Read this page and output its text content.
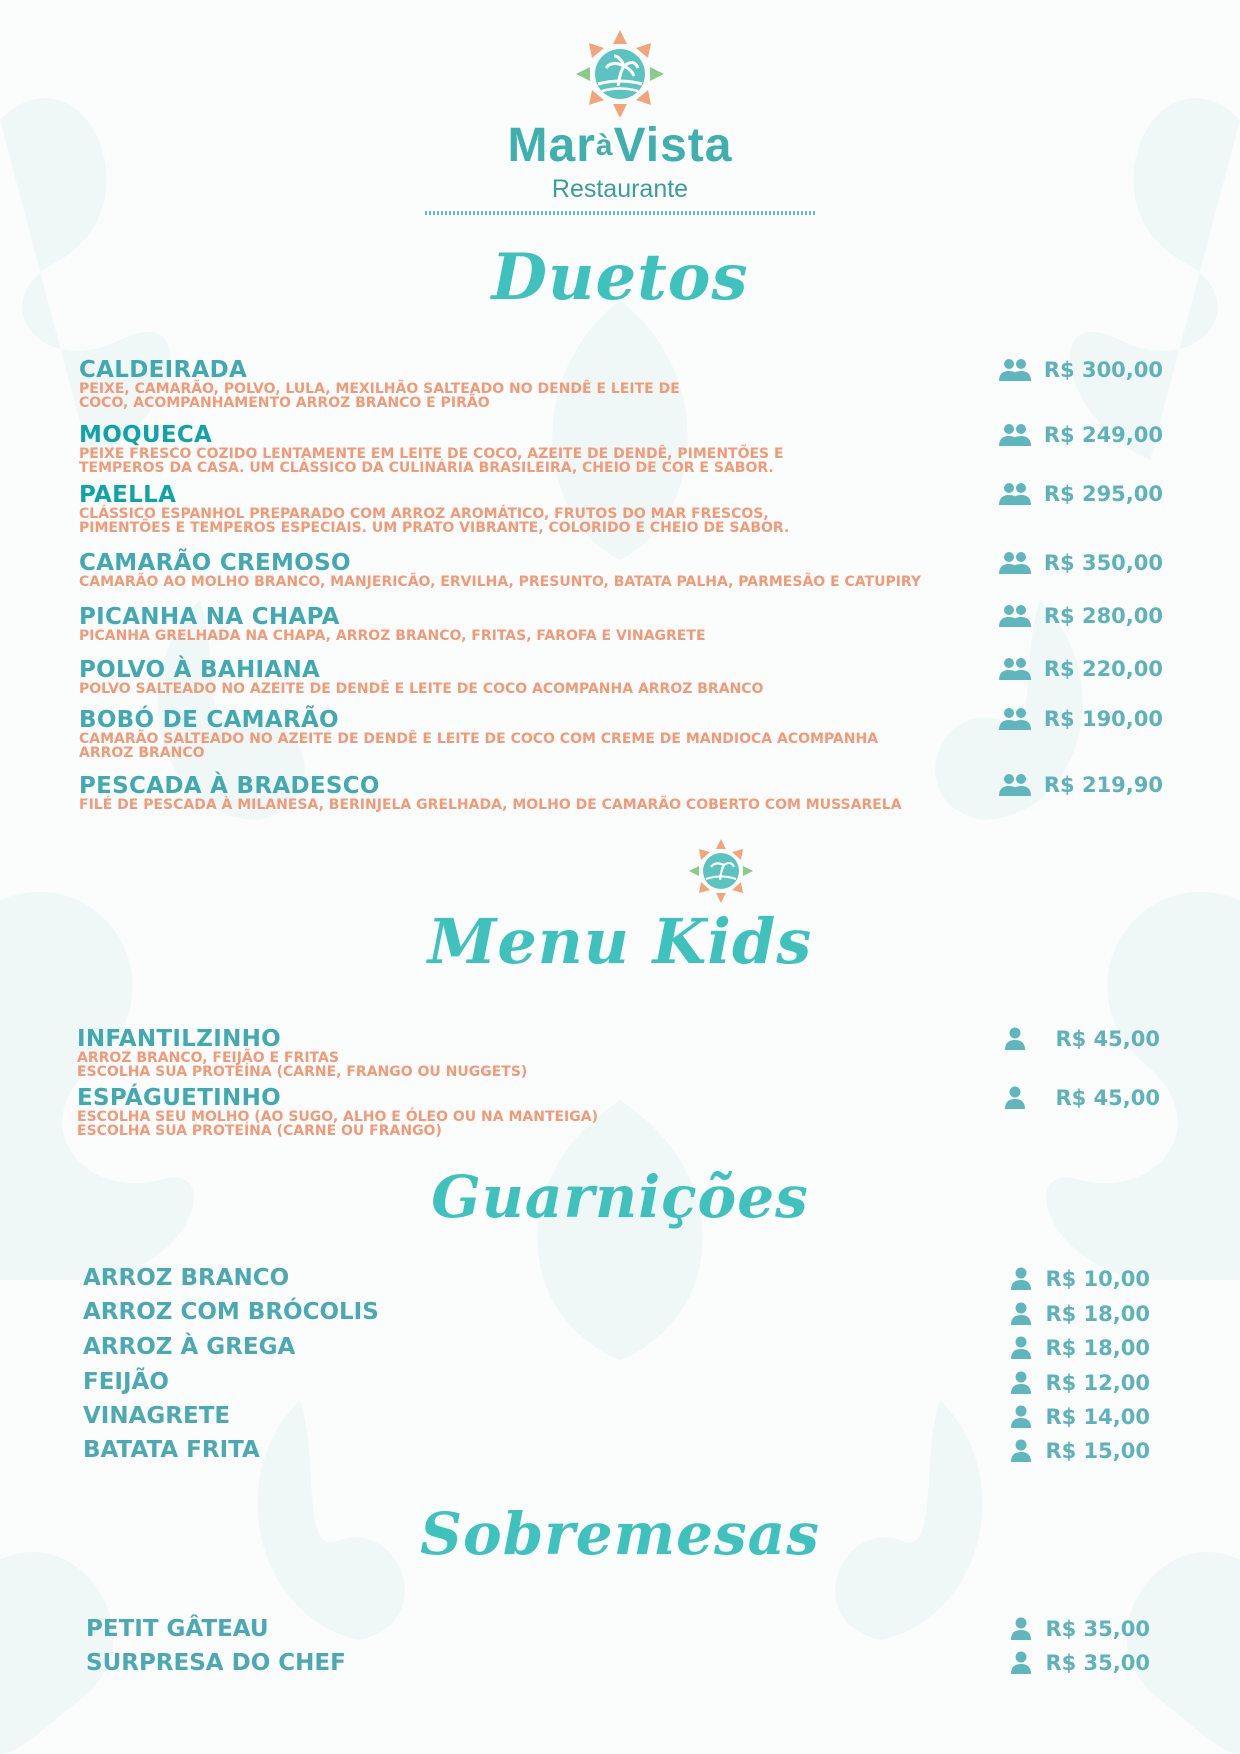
MaràVista
Restaurante
Duetos
Menu Kids
Guarnições
Sobremesas
CALDEIRADA
PEIXE, CAMARÃO, POLVO, LULA, MEXILHÃO SALTEADO NO DENDÊ E LEITE DE
COCO, ACOMPANHAMENTO ARROZ BRANCO E PIRÃO
MOQUECA
PEIXE FRESCO COZIDO LENTAMENTE EM LEITE DE COCO, AZEITE DE DENDÊ, PIMENTÕES E
TEMPEROS DA CASA. UM CLÁSSICO DA CULINÁRIA BRASILEIRA, CHEIO DE COR E SABOR.
PAELLA
CLÁSSICO ESPANHOL PREPARADO COM ARROZ AROMÁTICO, FRUTOS DO MAR FRESCOS,
PIMENTÕES E TEMPEROS ESPECIAIS. UM PRATO VIBRANTE, COLORIDO E CHEIO DE SABOR.
CAMARÃO CREMOSO
CAMARÃO AO MOLHO BRANCO, MANJERICÃO, ERVILHA, PRESUNTO, BATATA PALHA, PARMESÃO E CATUPIRY
PICANHA NA CHAPA
PICANHA GRELHADA NA CHAPA, ARROZ BRANCO, FRITAS, FAROFA E VINAGRETE
POLVO À BAHIANA
POLVO SALTEADO NO AZEITE DE DENDÊ E LEITE DE COCO ACOMPANHA ARROZ BRANCO
BOBÓ DE CAMARÃO
CAMARÃO SALTEADO NO AZEITE DE DENDÊ E LEITE DE COCO COM CREME DE MANDIOCA ACOMPANHA
ARROZ BRANCO
PESCADA À BRADESCO
FILÉ DE PESCADA À MILANESA, BERINJELA GRELHADA, MOLHO DE CAMARÃO COBERTO COM MUSSARELA
R$ 300,00
R$ 249,00
R$ 295,00
R$ 350,00
R$ 280,00
R$ 220,00
R$ 190,00
R$ 219,90
INFANTILZINHO
ARROZ BRANCO, FEIJÃO E FRITAS
ESCOLHA SUA PROTEÍNA (CARNE, FRANGO OU NUGGETS)
ESPÁGUETINHO
ESCOLHA SEU MOLHO (AO SUGO, ALHO E ÓLEO OU NA MANTEIGA)
ESCOLHA SUA PROTEÍNA (CARNE OU FRANGO)
R$ 45,00
R$ 45,00
ARROZ BRANCO
ARROZ COM BRÓCOLIS
ARROZ À GREGA
FEIJÃO
VINAGRETE
BATATA FRITA
R$ 10,00
R$ 18,00
R$ 18,00
R$ 12,00
R$ 14,00
R$ 15,00
PETIT GÂTEAU
SURPRESA DO CHEF
R$ 35,00
R$ 35,00
